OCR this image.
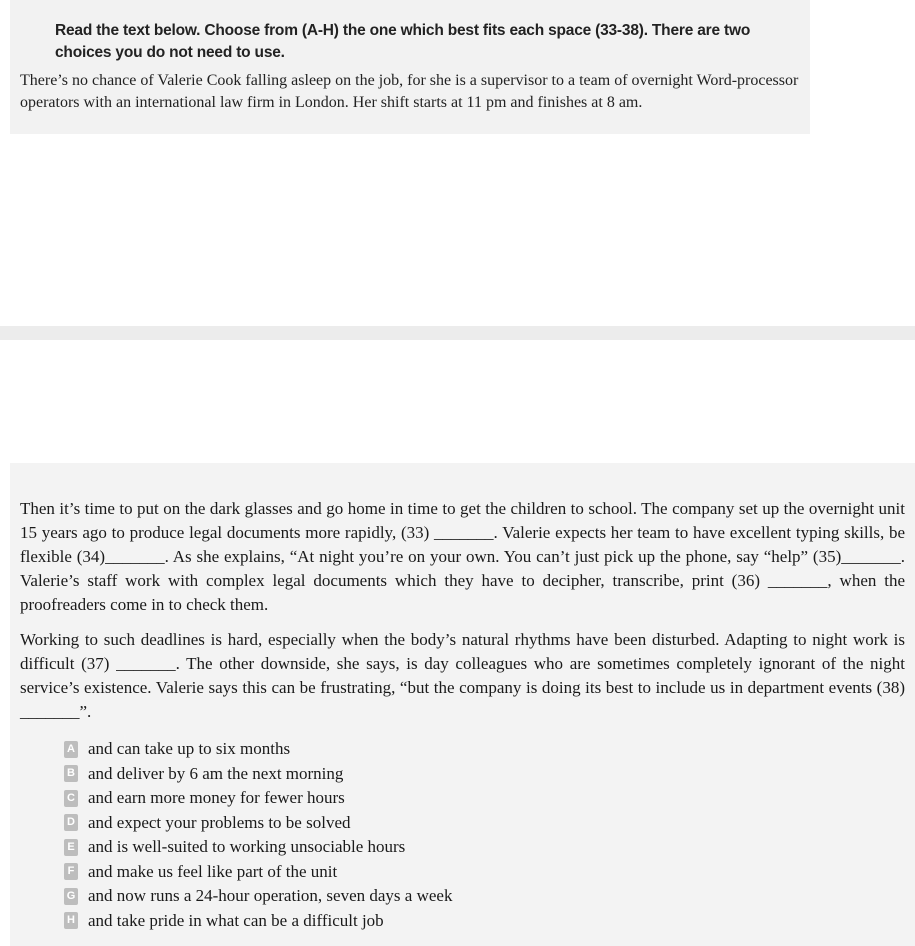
Read the text below. Choose from (A-H) the one which best fits each space (33-38). There are two choices you do not need to use.
There’s no chance of Valerie Cook falling asleep on the job, for she is a supervisor to a team of overnight Word-processor operators with an international law firm in London. Her shift starts at 11 pm and finishes at 8 am.
Then it’s time to put on the dark glasses and go home in time to get the children to school. The company set up the overnight unit 15 years ago to produce legal documents more rapidly, (33) _______. Valerie expects her team to have excellent typing skills, be flexible (34)_______. As she explains, “At night you’re on your own. You can’t just pick up the phone, say “help” (35)_______. Valerie’s staff work with complex legal documents which they have to decipher, transcribe, print (36) _______, when the proofreaders come in to check them.
Working to such deadlines is hard, especially when the body’s natural rhythms have been disturbed. Adapting to night work is difficult (37) _______. The other downside, she says, is day colleagues who are sometimes completely ignorant of the night service’s existence. Valerie says this can be frustrating, “but the company is doing its best to include us in department events (38) _______”.
A and can take up to six months
B and deliver by 6 am the next morning
C and earn more money for fewer hours
D and expect your problems to be solved
E and is well-suited to working unsociable hours
F and make us feel like part of the unit
G and now runs a 24-hour operation, seven days a week
H and take pride in what can be a difficult job
